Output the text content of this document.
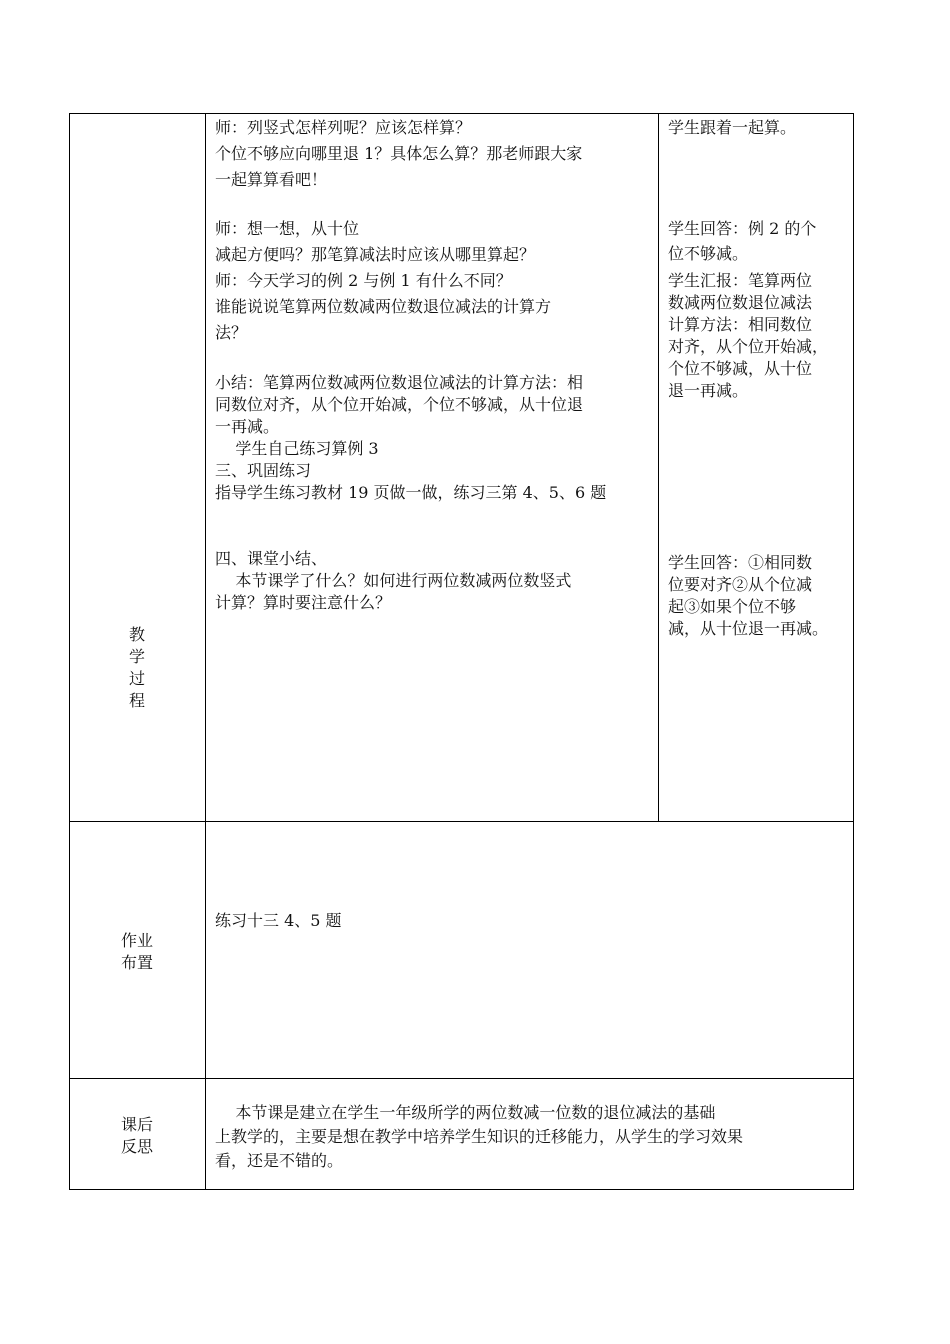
教
学
过
程
师：列竖式怎样列呢？应该怎样算？
个位不够应向哪里退 1？具体怎么算？那老师跟大家
一起算算看吧！
师：想一想，从十位
减起方便吗？那笔算减法时应该从哪里算起？
师：今天学习的例 2 与例 1 有什么不同？
谁能说说笔算两位数减两位数退位减法的计算方
法？
小结：笔算两位数减两位数退位减法的计算方法：相
同数位对齐，从个位开始减，个位不够减，从十位退
一再减。
学生自己练习算例 3
三、巩固练习
指导学生练习教材 19 页做一做，练习三第 4、5、6 题
四、课堂小结、
本节课学了什么？如何进行两位数减两位数竖式
计算？算时要注意什么？
学生跟着一起算。
学生回答：例 2 的个
位不够减。
学生汇报：笔算两位
数减两位数退位减法
计算方法：相同数位
对齐，从个位开始减，
个位不够减，从十位
退一再减。
学生回答：①相同数
位要对齐②从个位减
起③如果个位不够
减，从十位退一再减。
作业
布置
练习十三 4、5 题
课后
反思
本节课是建立在学生一年级所学的两位数减一位数的退位减法的基础
上教学的，主要是想在教学中培养学生知识的迁移能力，从学生的学习效果
看，还是不错的。
